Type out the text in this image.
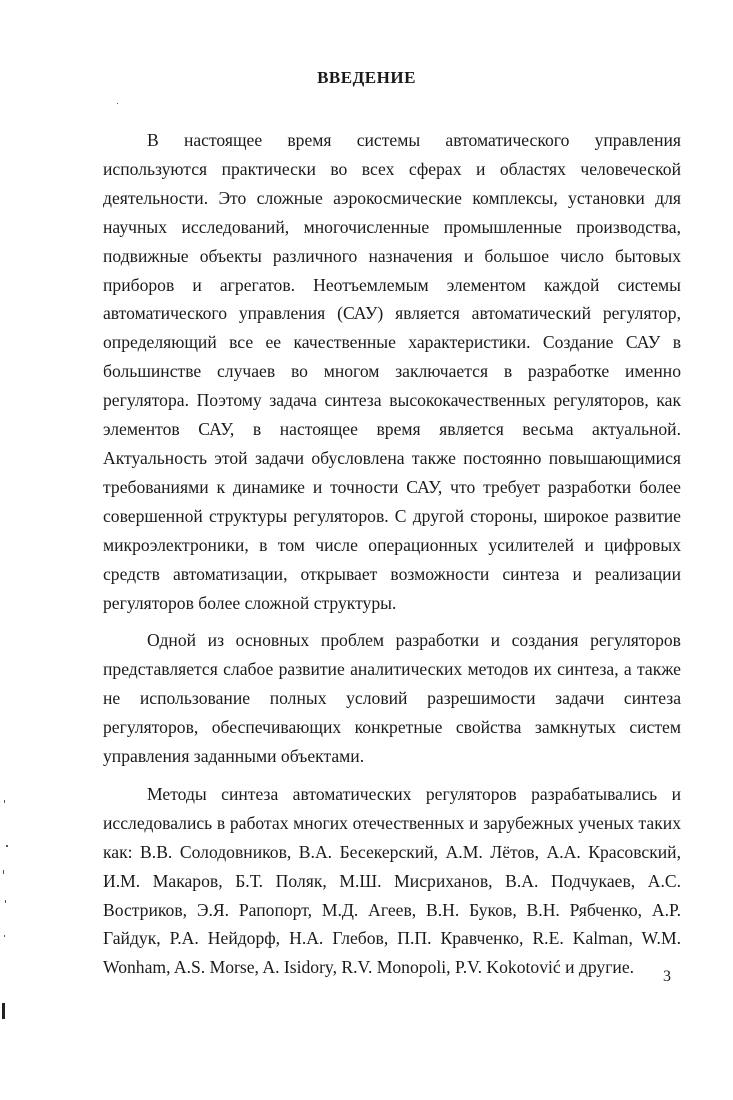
ВВЕДЕНИЕ

В настоящее время системы автоматического управления используются практически во всех сферах и областях человеческой деятельности. Это сложные аэрокосмические комплексы, установки для научных исследований, многочисленные промышленные производства, подвижные объекты различного назначения и большое число бытовых приборов и агрегатов. Неотъемлемым элементом каждой системы автоматического управления (САУ) является автоматический регулятор, определяющий все ее качественные характеристики. Создание САУ в большинстве случаев во многом заключается в разработке именно регулятора. Поэтому задача синтеза высококачественных регуляторов, как элементов САУ, в настоящее время является весьма актуальной. Актуальность этой задачи обусловлена также постоянно повышающимися требованиями к динамике и точности САУ, что требует разработки более совершенной структуры регуляторов. С другой стороны, широкое развитие микроэлектроники, в том числе операционных усилителей и цифровых средств автоматизации, открывает возможности синтеза и реализации регуляторов более сложной структуры.

Одной из основных проблем разработки и создания регуляторов представляется слабое развитие аналитических методов их синтеза, а также не использование полных условий разрешимости задачи синтеза регуляторов, обеспечивающих конкретные свойства замкнутых систем управления заданными объектами.

Методы синтеза автоматических регуляторов разрабатывались и исследовались в работах многих отечественных и зарубежных ученых таких как: В.В. Солодовников, В.А. Бесекерский, А.М. Лётов, А.А. Красовский, И.М. Макаров, Б.Т. Поляк, М.Ш. Мисриханов, В.А. Подчукаев, А.С. Востриков, Э.Я. Рапопорт, М.Д. Агеев, В.Н. Буков, В.Н. Рябченко, А.Р. Гайдук, Р.А. Нейдорф, Н.А. Глебов, П.П. Кравченко, R.E. Kalman, W.M. Wonham, A.S. Morse, A. Isidory, R.V. Monopoli, P.V. Kokotović и другие.	3
